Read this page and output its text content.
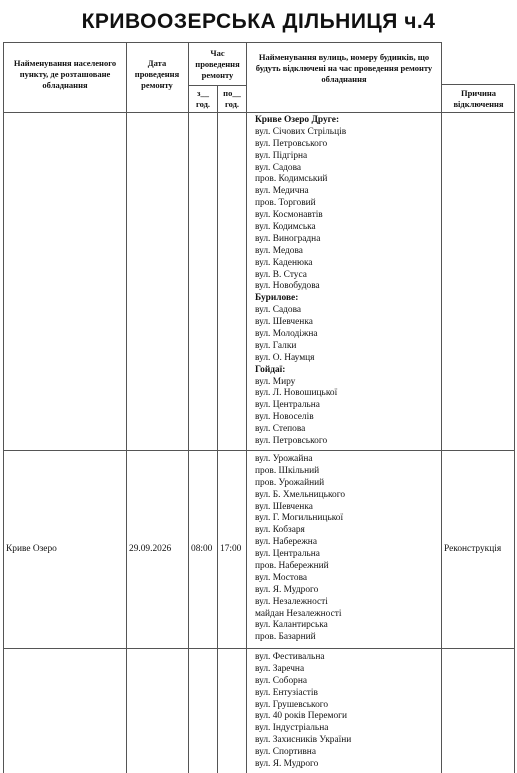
КРИВООЗЕРСЬКА ДІЛЬНИЦЯ ч.4
Найменування населеного пункту, де розташоване обладнання
Дата проведення ремонту
Час проведення ремонту
з__ год.
по__ год.
Найменування вулиць, номеру будинків, що будуть відключені на час проведення ремонту обладнання
Причина відключення
Криве Озеро Друге:
вул. Січових Стрільців
вул. Петровського
вул. Підгірна
вул. Садова
пров. Кодимський
вул. Медична
пров. Торговий
вул. Космонавтів
вул. Кодимська
вул. Виноградна
вул. Медова
вул. Каденюка
вул. В. Стуса
вул. Новобудова
Бурилове:
вул. Садова
вул. Шевченка
вул. Молодіжна
вул. Галки
вул. О. Наумця
Гойдаї:
вул. Миру
вул. Л. Новошицької
вул. Центральна
вул. Новоселів
вул. Степова
вул. Петровського
вул. Урожайна
пров. Шкільний
пров. Урожайний
вул. Б. Хмельницького
вул. Шевченка
вул. Г. Могильницької
вул. Кобзаря
вул. Набережна
вул. Центральна
пров. Набережний
вул. Мостова
вул. Я. Мудрого
вул. Незалежності
майдан Незалежності
вул. Калантирська
пров. Базарний
вул. Фестивальна
вул. Заречна
вул. Соборна
вул. Ентузіастів
вул. Грушевського
вул. 40 років Перемоги
вул. Індустріальна
вул. Захисників України
вул. Спортивна
вул. Я. Мудрого
Криве Озеро	29.09.2026 08:00 17:00	Реконструкція
